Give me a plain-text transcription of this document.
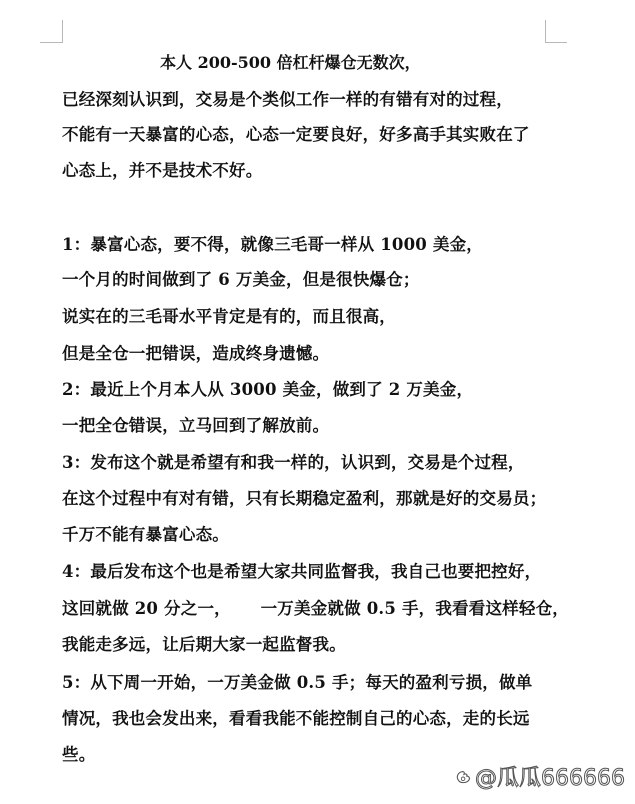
本人 200-500 倍杠杆爆仓无数次，
已经深刻认识到，交易是个类似工作一样的有错有对的过程，
不能有一天暴富的心态，心态一定要良好，好多高手其实败在了
心态上，并不是技术不好。
1：暴富心态，要不得，就像三毛哥一样从 1000 美金，
一个月的时间做到了 6 万美金，但是很快爆仓；
说实在的三毛哥水平肯定是有的，而且很高，
但是全仓一把错误，造成终身遗憾。
2：最近上个月本人从 3000 美金，做到了 2 万美金，
一把全仓错误，立马回到了解放前。
3：发布这个就是希望有和我一样的，认识到，交易是个过程，
在这个过程中有对有错，只有长期稳定盈利，那就是好的交易员；
千万不能有暴富心态。
4：最后发布这个也是希望大家共同监督我，我自己也要把控好，
这回就做 20 分之一，     一万美金就做 0.5 手，我看看这样轻仓，
我能走多远，让后期大家一起监督我。
5：从下周一开始，一万美金做 0.5 手；每天的盈利亏损，做单
情况，我也会发出来，看看我能不能控制自己的心态，走的长远
些。
@瓜瓜666666
